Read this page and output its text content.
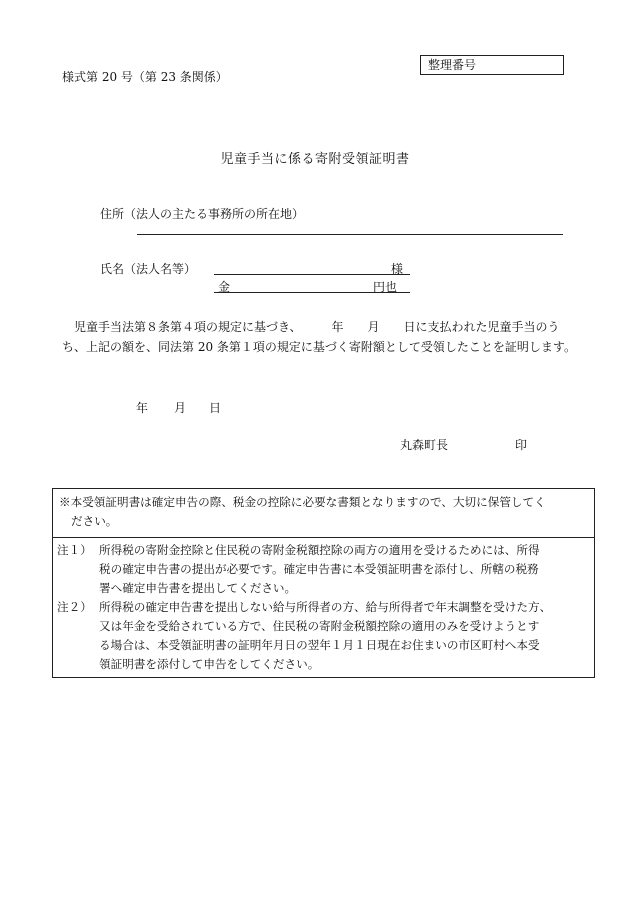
様式第 20 号（第 23 条関係）
整理番号
児童手当に係る寄附受領証明書
住所（法人の主たる事務所の所在地）
氏名（法人名等）	様
金	円也
　児童手当法第８条第４項の規定に基づき、　　　年　　月　　日に支払われた児童手当のうち、上記の額を、同法第 20 条第１項の規定に基づく寄附額として受領したことを証明します。
年 月 日
丸森町長	印
※本受領証明書は確定申告の際、税金の控除に必要な書類となりますので、大切に保管してく
ださい。
注１） 所得税の寄附金控除と住民税の寄附金税額控除の両方の適用を受けるためには、所得
税の確定申告書の提出が必要です。確定申告書に本受領証明書を添付し、所轄の税務
署へ確定申告書を提出してください。
注２） 所得税の確定申告書を提出しない給与所得者の方、給与所得者で年末調整を受けた方、
又は年金を受給されている方で、住民税の寄附金税額控除の適用のみを受けようとす
る場合は、本受領証明書の証明年月日の翌年１月１日現在お住まいの市区町村へ本受
領証明書を添付して申告をしてください。
